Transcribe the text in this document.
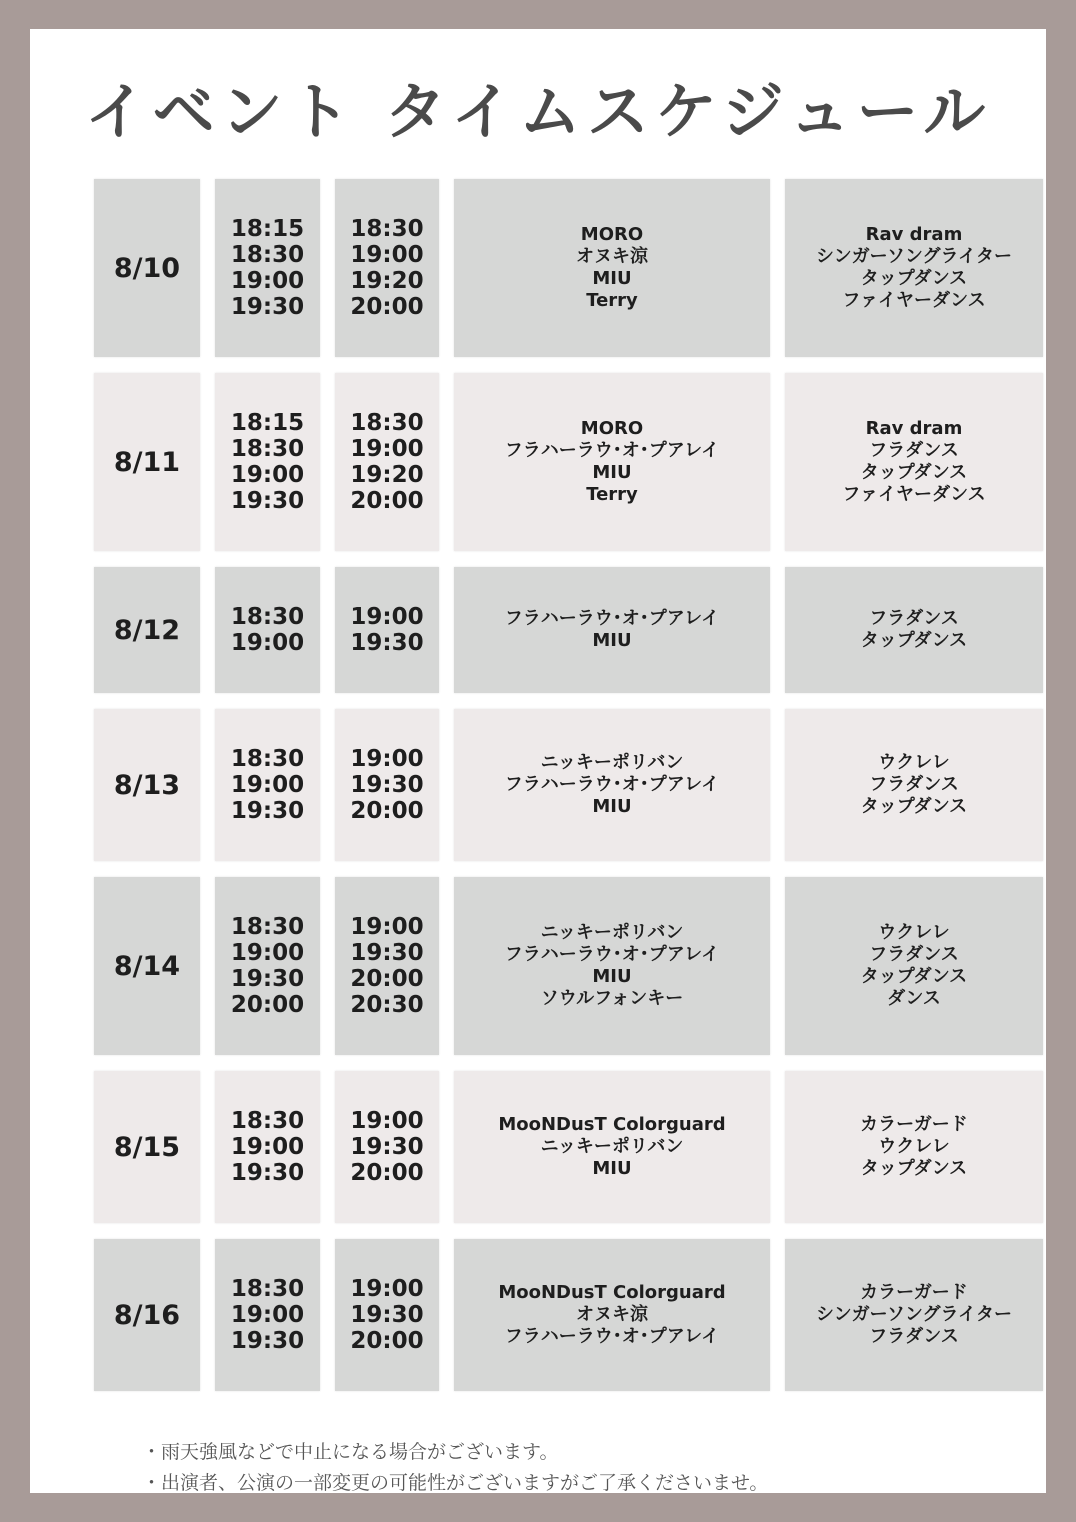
イベント タイムスケジュール
8/10
18:15
18:30
19:00
19:30
18:30
19:00
19:20
20:00
MORO
オヌキ涼
MIU
Terry
Rav dram
シンガーソングライター
タップダンス
ファイヤーダンス
8/11
18:15
18:30
19:00
19:30
18:30
19:00
19:20
20:00
MORO
フラハーラウ･オ･プアレイ
MIU
Terry
Rav dram
フラダンス
タップダンス
ファイヤーダンス
8/12	18:30
19:00
19:00
19:30
フラハーラウ･オ･プアレイ
MIU
フラダンス
タップダンス
8/13
18:30
19:00
19:30
19:00
19:30
20:00
ニッキーポリバン
フラハーラウ･オ･プアレイ
MIU
ウクレレ
フラダンス
タップダンス
8/14
18:30
19:00
19:30
20:00
19:00
19:30
20:00
20:30
ニッキーポリバン
フラハーラウ･オ･プアレイ
MIU
ソウルフォンキー
ウクレレ
フラダンス
タップダンス
ダンス
8/15
18:30
19:00
19:30
19:00
19:30
20:00
MooNDusT Colorguard
ニッキーポリバン
MIU
カラーガード
ウクレレ
タップダンス
8/16
18:30
19:00
19:30
19:00
19:30
20:00
MooNDusT Colorguard
オヌキ涼
フラハーラウ･オ･プアレイ
カラーガード
シンガーソングライター
フラダンス
・雨天強風などで中止になる場合がございます。
・出演者、公演の一部変更の可能性がございますがご了承くださいませ。
